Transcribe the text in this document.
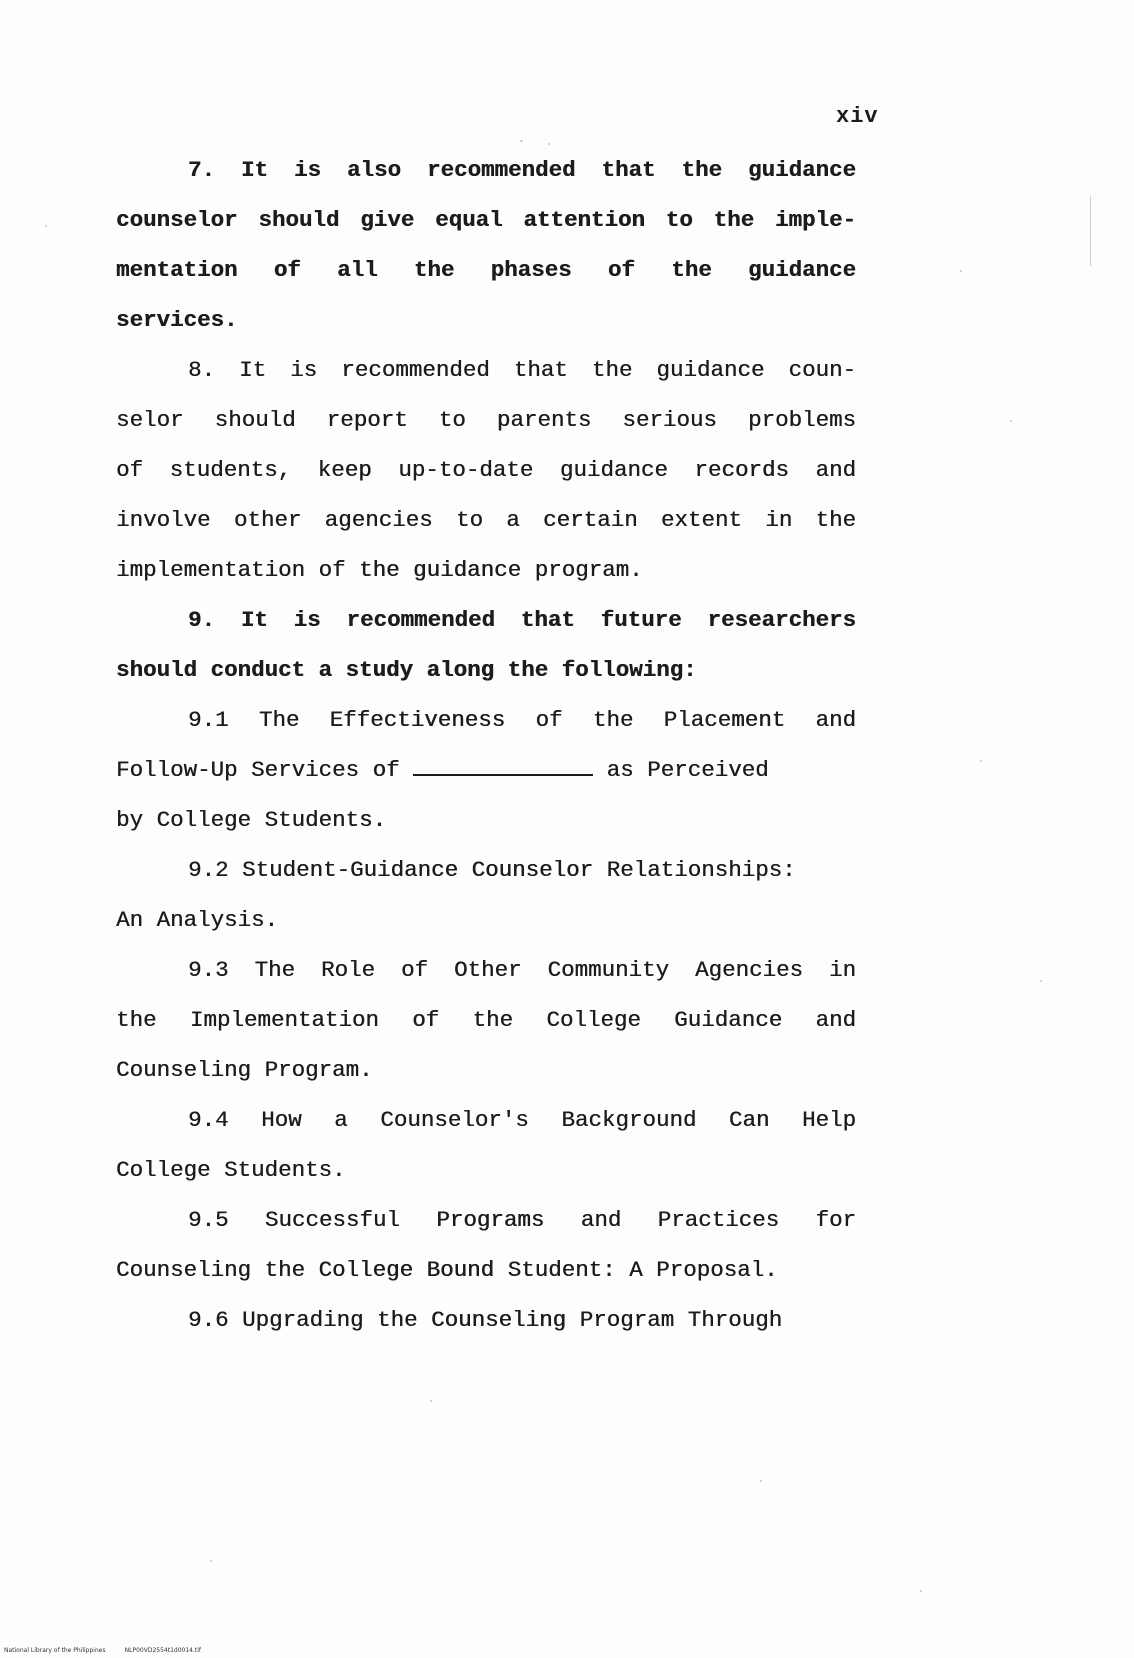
xiv
7. It is also recommended that the guidance
counselor should give equal attention to the imple-
mentation of all the phases of the guidance
services.
8. It is recommended that the guidance coun-
selor should report to parents serious problems
of students, keep up-to-date guidance records and
involve other agencies to a certain extent in the
implementation of the guidance program.
9. It is recommended that future researchers
should conduct a study along the following:
9.1 The Effectiveness of the Placement and
Follow-Up Services of	as Perceived
by College Students.
9.2 Student-Guidance Counselor Relationships:
An Analysis.
9.3 The Role of Other Community Agencies in
the Implementation of the College Guidance and
Counseling Program.
9.4 How a Counselor's Background Can Help
College Students.
9.5 Successful Programs and Practices for
Counseling the College Bound Student: A Proposal.
9.6 Upgrading the Counseling Program Through
National Library of the Philippines	NLP00VD2554t1d0014.tif
